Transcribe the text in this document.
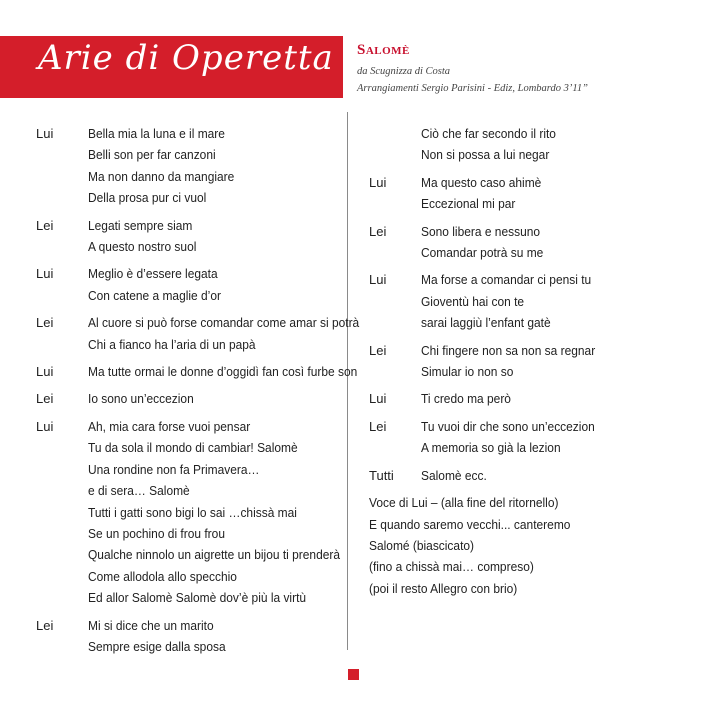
Arie di Operetta Salomè
da Scugnizza di Costa
Arrangiamenti Sergio Parisini - Ediz, Lombardo 3’11”
Lui	Bella mia la luna e il mare
Belli son per far canzoni
Ma non danno da mangiare
Della prosa pur ci vuol
Lei	Legati sempre siam
A questo nostro suol
Lui	Meglio è d’essere legata
Con catene a maglie d’or
Lei	Al cuore si può forse comandar come amar si potrà
Chi a fianco ha l’aria di un papà
Lui	Ma tutte ormai le donne d’oggidì fan così furbe son
Lei	Io sono un’eccezion
Lui	Ah, mia cara forse vuoi pensar
Tu da sola il mondo di cambiar! Salomè
Una rondine non fa Primavera…
e di sera… Salomè
Tutti i gatti sono bigi lo sai …chissà mai
Se un pochino di frou frou
Qualche ninnolo un aigrette un bijou ti prenderà
Come allodola allo specchio
Ed allor Salomè Salomè dov’è più la virtù
Lei	Mi si dice che un marito
Sempre esige dalla sposa
Ciò che far secondo il rito
Non si possa a lui negar
Lui	Ma questo caso ahimè
Eccezional mi par
Lei	Sono libera e nessuno
Comandar potrà su me
Lui	Ma forse a comandar ci pensi tu
Gioventù hai con te
sarai laggiù l’enfant gatè
Lei	Chi fingere non sa non sa regnar
Simular io non so
Lui	Ti credo ma però
Lei	Tu vuoi dir che sono un’eccezion
A memoria so già la lezion
Tutti	Salomè ecc.
Voce di Lui – (alla fine del ritornello)
E quando saremo vecchi... canteremo
Salomé (biascicato)
(fino a chissà mai… compreso)
(poi il resto Allegro con brio)
